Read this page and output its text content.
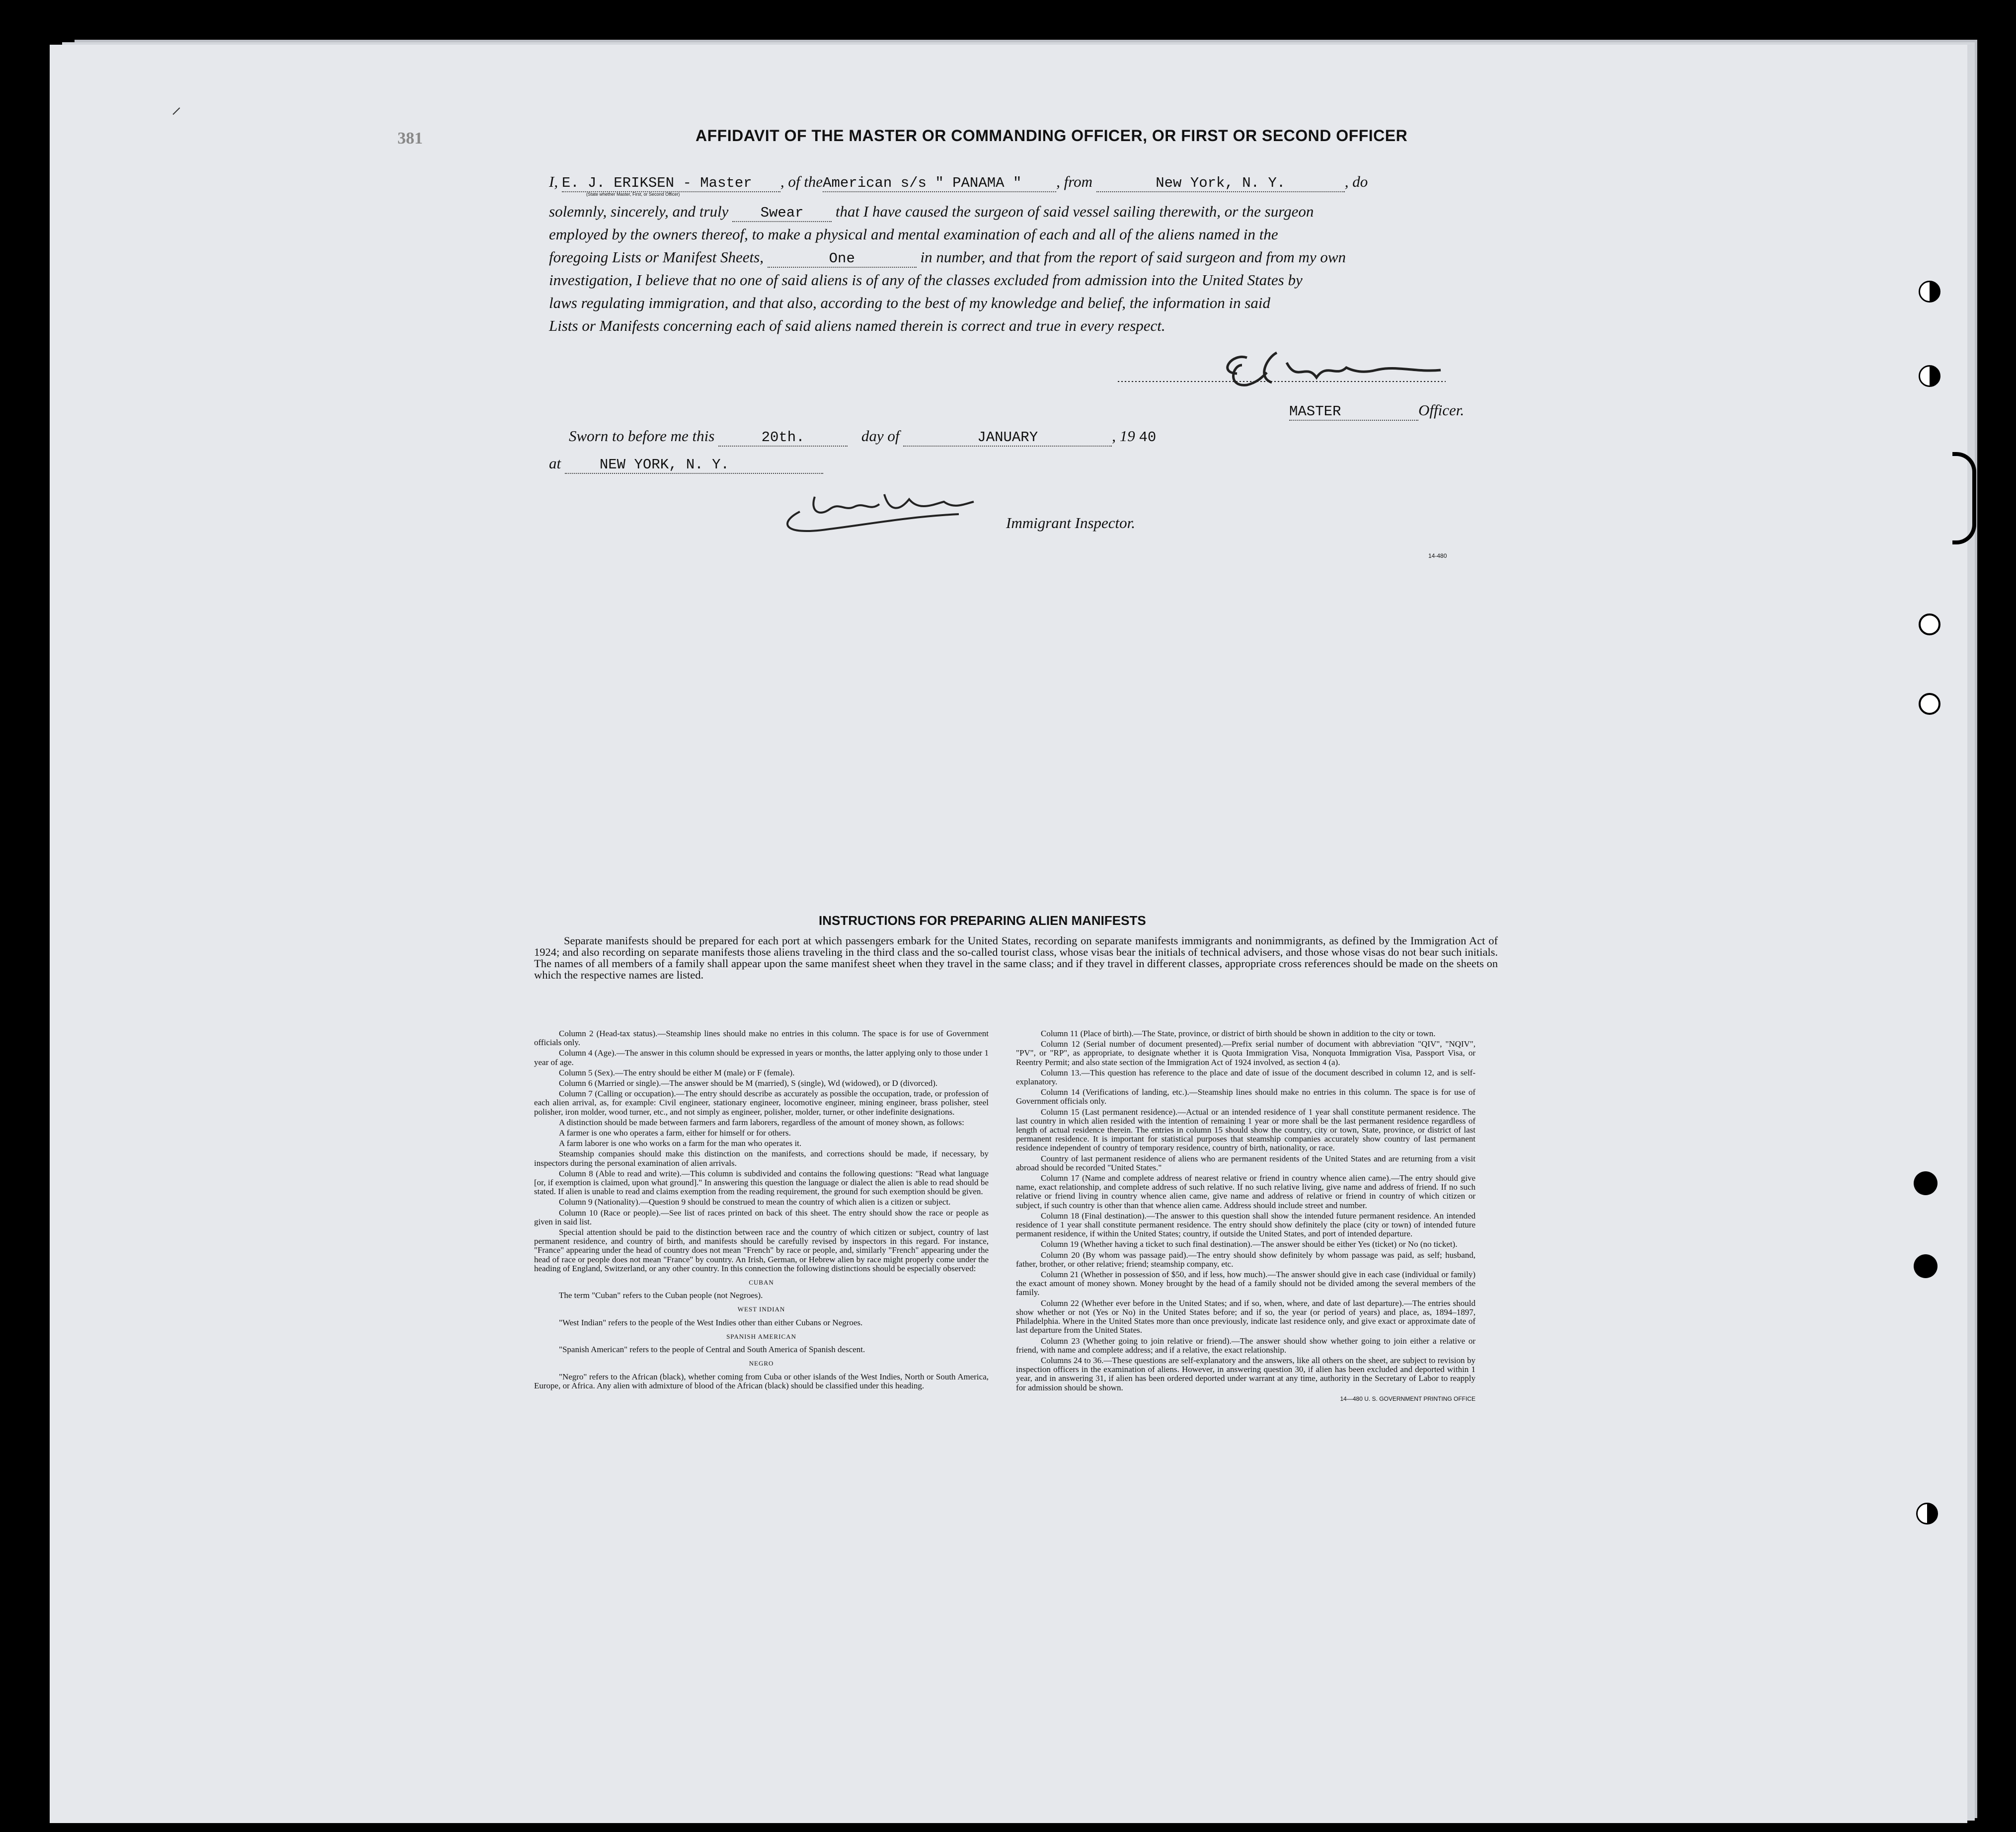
381
⸝
AFFIDAVIT OF THE MASTER OR COMMANDING OFFICER, OR FIRST OR SECOND OFFICER
I, E. J. ERIKSEN - Master , of theAmerican s/s " PANAMA " , from	New York, N. Y.	, do
(State whether Master, First, or Second Officer)
solemnly, sincerely, and truly Swear that I have caused the surgeon of said vessel sailing therewith, or the surgeon
employed by the owners thereof, to make a physical and mental examination of each and all of the aliens named in the
foregoing Lists or Manifest Sheets,	One	in number, and that from the report of said surgeon and from my own
investigation, I believe that no one of said aliens is of any of the classes excluded from admission into the United States by
laws regulating immigration, and that also, according to the best of my knowledge and belief, the information in said
Lists or Manifests concerning each of said aliens named therein is correct and true in every respect.
MASTER	Officer.
Sworn to before me this	20th.	day of	JANUARY	, 19 40
at	NEW YORK, N. Y.
Immigrant Inspector.
14-480
INSTRUCTIONS FOR PREPARING ALIEN MANIFESTS
Separate manifests should be prepared for each port at which passengers embark for the United States, recording on separate manifests immigrants and nonimmigrants, as defined by the Immigration Act of 1924; and also recording on separate manifests those aliens traveling in the third class and the so-called tourist class, whose visas bear the initials of technical advisers, and those whose visas do not bear such initials. The names of all members of a family shall appear upon the same manifest sheet when they travel in the same class; and if they travel in different classes, appropriate cross references should be made on the sheets on which the respective names are listed.

Column 2 (Head-tax status).—Steamship lines should make no entries in this column. The space is for use of Government officials only.

Column 4 (Age).—The answer in this column should be expressed in years or months, the latter applying only to those under 1 year of age.

Column 5 (Sex).—The entry should be either M (male) or F (female).

Column 6 (Married or single).—The answer should be M (married), S (single), Wd (widowed), or D (divorced).

Column 7 (Calling or occupation).—The entry should describe as accurately as possible the occupation, trade, or profession of each alien arrival, as, for example: Civil engineer, stationary engineer, locomotive engineer, mining engineer, brass polisher, steel polisher, iron molder, wood turner, etc., and not simply as engineer, polisher, molder, turner, or other indefinite designations.

A distinction should be made between farmers and farm laborers, regardless of the amount of money shown, as follows:

A farmer is one who operates a farm, either for himself or for others.

A farm laborer is one who works on a farm for the man who operates it.

Steamship companies should make this distinction on the manifests, and corrections should be made, if necessary, by inspectors during the personal examination of alien arrivals.

Column 8 (Able to read and write).—This column is subdivided and contains the following questions: "Read what language [or, if exemption is claimed, upon what ground]." In answering this question the language or dialect the alien is able to read should be stated. If alien is unable to read and claims exemption from the reading requirement, the ground for such exemption should be given.

Column 9 (Nationality).—Question 9 should be construed to mean the country of which alien is a citizen or subject.

Column 10 (Race or people).—See list of races printed on back of this sheet. The entry should show the race or people as given in said list.

Special attention should be paid to the distinction between race and the country of which citizen or subject, country of last permanent residence, and country of birth, and manifests should be carefully revised by inspectors in this regard. For instance, "France" appearing under the head of country does not mean "French" by race or people, and, similarly "French" appearing under the head of race or people does not mean "France" by country. An Irish, German, or Hebrew alien by race might properly come under the heading of England, Switzerland, or any other country. In this connection the following distinctions should be especially observed:

CUBAN

The term "Cuban" refers to the Cuban people (not Negroes).

WEST INDIAN

"West Indian" refers to the people of the West Indies other than either Cubans or Negroes.

SPANISH AMERICAN

"Spanish American" refers to the people of Central and South America of Spanish descent.

NEGRO

"Negro" refers to the African (black), whether coming from Cuba or other islands of the West Indies, North or South America, Europe, or Africa. Any alien with admixture of blood of the African (black) should be classified under this heading.

Column 11 (Place of birth).—The State, province, or district of birth should be shown in addition to the city or town.

Column 12 (Serial number of document presented).—Prefix serial number of document with abbreviation "QIV", "NQIV", "PV", or "RP", as appropriate, to designate whether it is Quota Immigration Visa, Nonquota Immigration Visa, Passport Visa, or Reentry Permit; and also state section of the Immigration Act of 1924 involved, as section 4 (a).

Column 13.—This question has reference to the place and date of issue of the document described in column 12, and is self-explanatory.

Column 14 (Verifications of landing, etc.).—Steamship lines should make no entries in this column. The space is for use of Government officials only.

Column 15 (Last permanent residence).—Actual or an intended residence of 1 year shall constitute permanent residence. The last country in which alien resided with the intention of remaining 1 year or more shall be the last permanent residence regardless of length of actual residence therein. The entries in column 15 should show the country, city or town, State, province, or district of last permanent residence. It is important for statistical purposes that steamship companies accurately show country of last permanent residence independent of country of temporary residence, country of birth, nationality, or race.

Country of last permanent residence of aliens who are permanent residents of the United States and are returning from a visit abroad should be recorded "United States."

Column 17 (Name and complete address of nearest relative or friend in country whence alien came).—The entry should give name, exact relationship, and complete address of such relative. If no such relative living, give name and address of friend. If no such relative or friend living in country whence alien came, give name and address of relative or friend in country of which citizen or subject, if such country is other than that whence alien came. Address should include street and number.

Column 18 (Final destination).—The answer to this question shall show the intended future permanent residence. An intended residence of 1 year shall constitute permanent residence. The entry should show definitely the place (city or town) of intended future permanent residence, if within the United States; country, if outside the United States, and port of intended departure.

Column 19 (Whether having a ticket to such final destination).—The answer should be either Yes (ticket) or No (no ticket).

Column 20 (By whom was passage paid).—The entry should show definitely by whom passage was paid, as self; husband, father, brother, or other relative; friend; steamship company, etc.

Column 21 (Whether in possession of $50, and if less, how much).—The answer should give in each case (individual or family) the exact amount of money shown. Money brought by the head of a family should not be divided among the several members of the family.

Column 22 (Whether ever before in the United States; and if so, when, where, and date of last departure).—The entries should show whether or not (Yes or No) in the United States before; and if so, the year (or period of years) and place, as, 1894–1897, Philadelphia. Where in the United States more than once previously, indicate last residence only, and give exact or approximate date of last departure from the United States.

Column 23 (Whether going to join relative or friend).—The answer should show whether going to join either a relative or friend, with name and complete address; and if a relative, the exact relationship.

Columns 24 to 36.—These questions are self-explanatory and the answers, like all others on the sheet, are subject to revision by inspection officers in the examination of aliens. However, in answering question 30, if alien has been excluded and deported within 1 year, and in answering 31, if alien has been ordered deported under warrant at any time, authority in the Secretary of Labor to reapply for admission should be shown.

14—480 U. S. GOVERNMENT PRINTING OFFICE
